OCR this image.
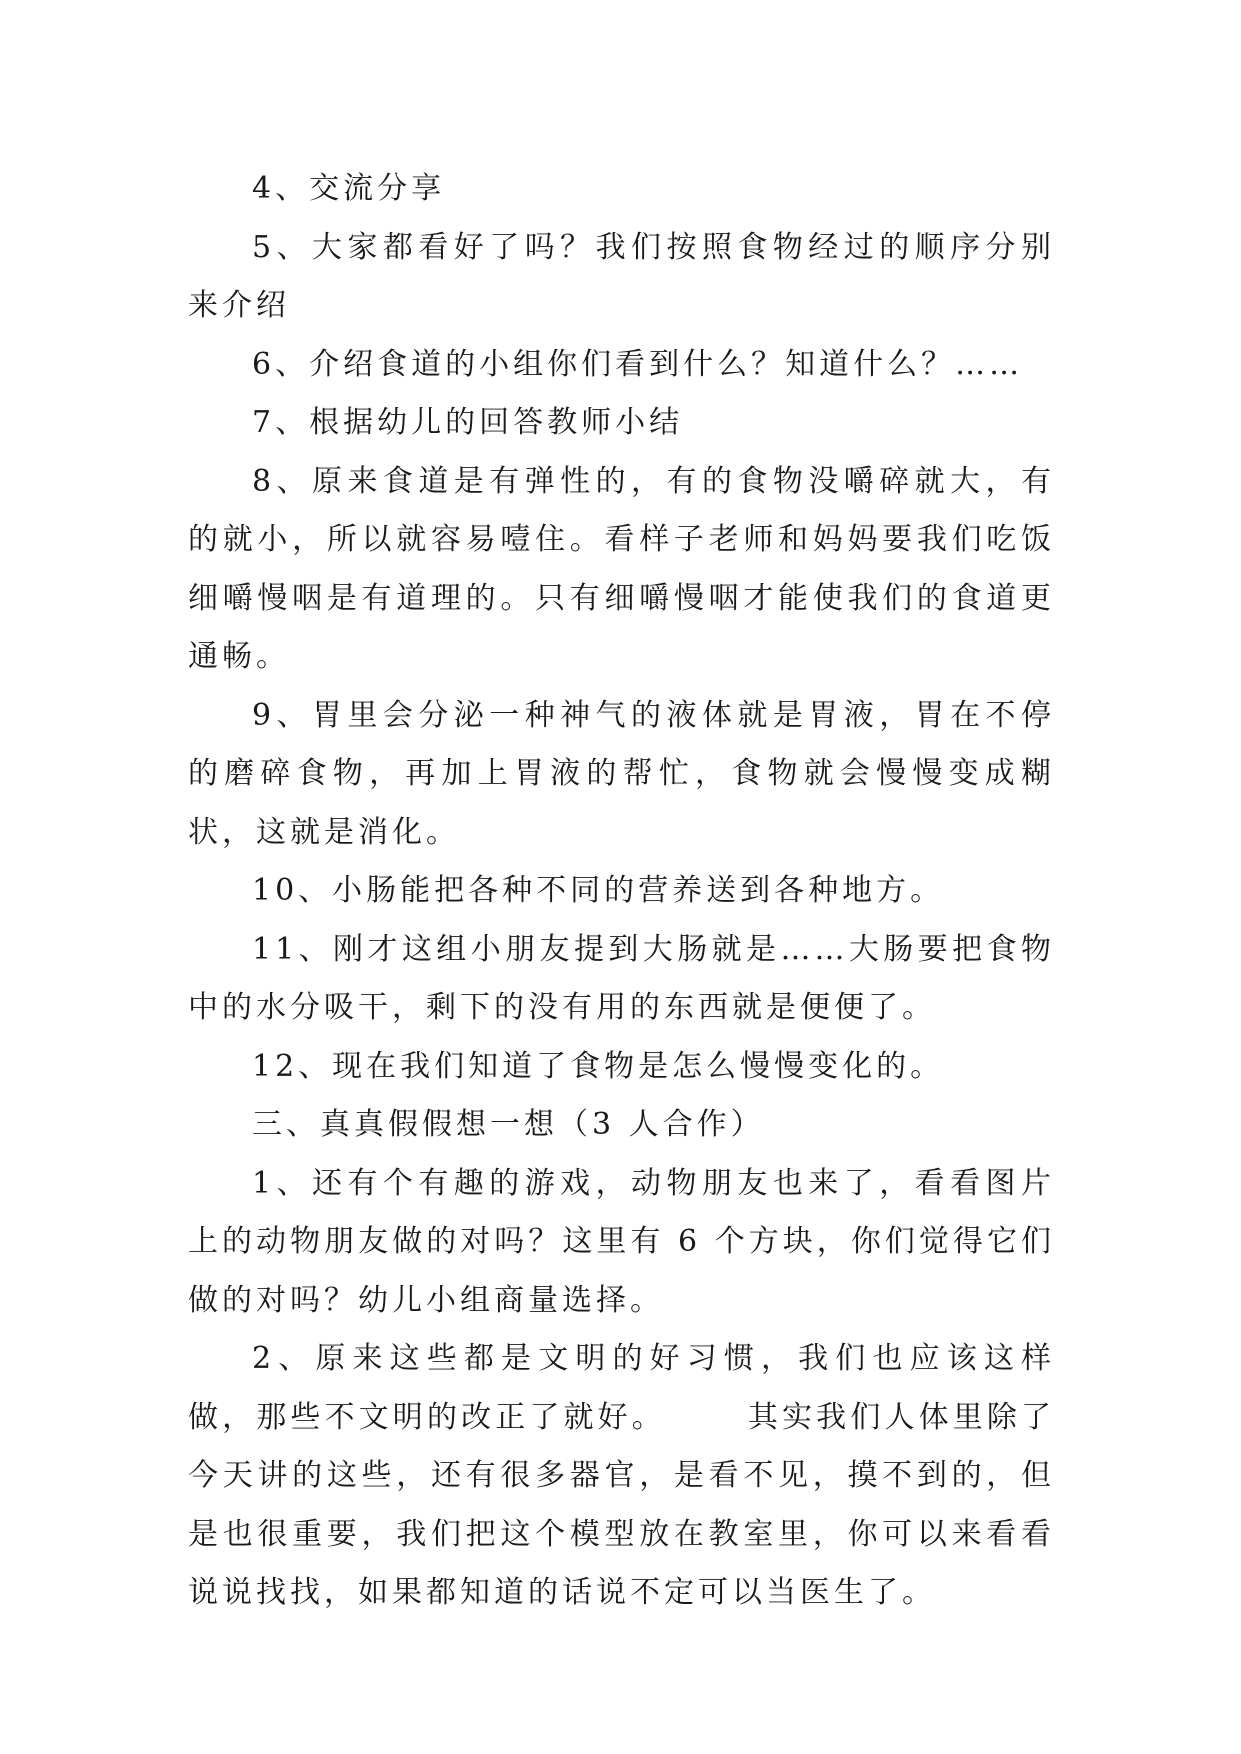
4、交流分享

5、大家都看好了吗？我们按照食物经过的顺序分别来介绍

6、介绍食道的小组你们看到什么？知道什么？……

7、根据幼儿的回答教师小结

8、原来食道是有弹性的，有的食物没嚼碎就大，有的就小，所以就容易噎住。看样子老师和妈妈要我们吃饭细嚼慢咽是有道理的。只有细嚼慢咽才能使我们的食道更通畅。

9、胃里会分泌一种神气的液体就是胃液，胃在不停的磨碎食物，再加上胃液的帮忙，食物就会慢慢变成糊状，这就是消化。

10、小肠能把各种不同的营养送到各种地方。

11、刚才这组小朋友提到大肠就是……大肠要把食物中的水分吸干，剩下的没有用的东西就是便便了。

12、现在我们知道了食物是怎么慢慢变化的。

三、真真假假想一想（3 人合作）

1、还有个有趣的游戏，动物朋友也来了，看看图片上的动物朋友做的对吗？这里有 6 个方块，你们觉得它们做的对吗？幼儿小组商量选择。

2、原来这些都是文明的好习惯，我们也应该这样做，那些不文明的改正了就好。      其实我们人体里除了今天讲的这些，还有很多器官，是看不见，摸不到的，但是也很重要，我们把这个模型放在教室里，你可以来看看说说找找，如果都知道的话说不定可以当医生了。
